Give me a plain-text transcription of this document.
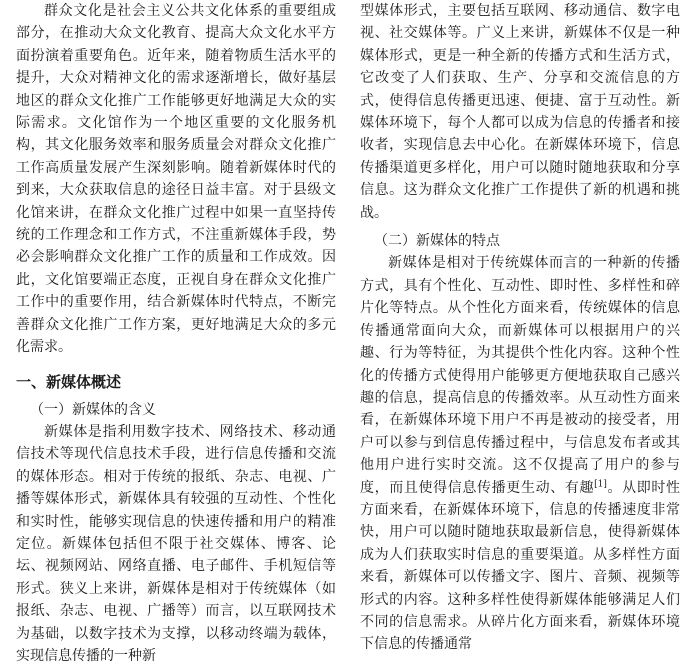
群众文化是社会主义公共文化体系的重要组成部分，在推动大众文化教育、提高大众文化水平方面扮演着重要角色。近年来，随着物质生活水平的提升，大众对精神文化的需求逐渐增长，做好基层地区的群众文化推广工作能够更好地满足大众的实际需求。文化馆作为一个地区重要的文化服务机构，其文化服务效率和服务质量会对群众文化推广工作高质量发展产生深刻影响。随着新媒体时代的到来，大众获取信息的途径日益丰富。对于县级文化馆来讲，在群众文化推广过程中如果一直坚持传统的工作理念和工作方式，不注重新媒体手段，势必会影响群众文化推广工作的质量和工作成效。因此，文化馆要端正态度，正视自身在群众文化推广工作中的重要作用，结合新媒体时代特点，不断完善群众文化推广工作方案，更好地满足大众的多元化需求。

一、新媒体概述
（一）新媒体的含义

新媒体是指利用数字技术、网络技术、移动通信技术等现代信息技术手段，进行信息传播和交流的媒体形态。相对于传统的报纸、杂志、电视、广播等媒体形式，新媒体具有较强的互动性、个性化和实时性，能够实现信息的快速传播和用户的精准定位。新媒体包括但不限于社交媒体、博客、论坛、视频网站、网络直播、电子邮件、手机短信等形式。狭义上来讲，新媒体是相对于传统媒体（如报纸、杂志、电视、广播等）而言，以互联网技术为基础，以数字技术为支撑，以移动终端为载体，实现信息传播的一种新

型媒体形式，主要包括互联网、移动通信、数字电视、社交媒体等。广义上来讲，新媒体不仅是一种媒体形式，更是一种全新的传播方式和生活方式，它改变了人们获取、生产、分享和交流信息的方式，使得信息传播更迅速、便捷、富于互动性。新媒体环境下，每个人都可以成为信息的传播者和接收者，实现信息去中心化。在新媒体环境下，信息传播渠道更多样化，用户可以随时随地获取和分享信息。这为群众文化推广工作提供了新的机遇和挑战。

（二）新媒体的特点

新媒体是相对于传统媒体而言的一种新的传播方式，具有个性化、互动性、即时性、多样性和碎片化等特点。从个性化方面来看，传统媒体的信息传播通常面向大众，而新媒体可以根据用户的兴趣、行为等特征，为其提供个性化内容。这种个性化的传播方式使得用户能够更方便地获取自己感兴趣的信息，提高信息的传播效率。从互动性方面来看，在新媒体环境下用户不再是被动的接受者，用户可以参与到信息传播过程中，与信息发布者或其他用户进行实时交流。这不仅提高了用户的参与度，而且使得信息传播更生动、有趣[1]。从即时性方面来看，在新媒体环境下，信息的传播速度非常快，用户可以随时随地获取最新信息，使得新媒体成为人们获取实时信息的重要渠道。从多样性方面来看，新媒体可以传播文字、图片、音频、视频等形式的内容。这种多样性使得新媒体能够满足人们不同的信息需求。从碎片化方面来看，新媒体环境下信息的传播通常
